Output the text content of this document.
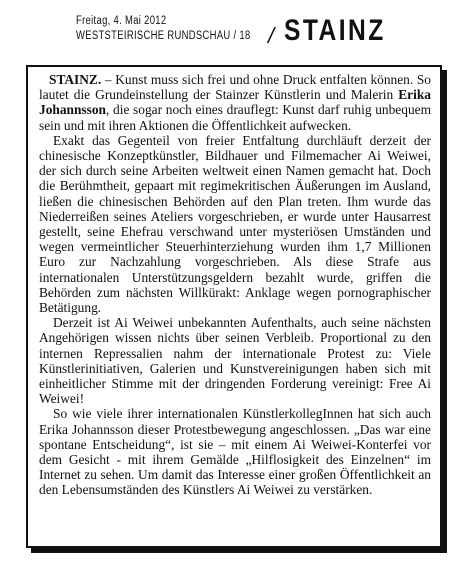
Freitag, 4. Mai 2012
WESTSTEIRISCHE RUNDSCHAU / 18 / STAINZ

STAINZ. – Kunst muss sich frei und ohne Druck entfalten können. So lautet die Grundeinstellung der Stainzer Künstlerin und Malerin Erika Johannsson, die sogar noch eines drauflegt: Kunst darf ruhig unbequem sein und mit ihren Aktionen die Öffentlichkeit aufwecken.

Exakt das Gegenteil von freier Entfaltung durchläuft derzeit der chinesische Konzeptkünstler, Bildhauer und Filmemacher Ai Weiwei, der sich durch seine Arbeiten weltweit einen Namen gemacht hat. Doch die Berühmtheit, gepaart mit regimekritischen Äußerungen im Ausland, ließen die chinesischen Behörden auf den Plan treten. Ihm wurde das Niederreißen seines Ateliers vorgeschrieben, er wurde unter Hausarrest gestellt, seine Ehefrau verschwand unter mysteriösen Umständen und wegen vermeintlicher Steuerhinterziehung wurden ihm 1,7 Millionen Euro zur Nachzahlung vorgeschrieben. Als diese Strafe aus internationalen Unterstützungsgeldern bezahlt wurde, griffen die Behörden zum nächsten Willkürakt: Anklage wegen pornographischer Betätigung.

Derzeit ist Ai Weiwei unbekannten Aufenthalts, auch seine nächsten Angehörigen wissen nichts über seinen Verbleib. Proportional zu den internen Repressalien nahm der internationale Protest zu: Viele Künstlerinitiativen, Galerien und Kunstvereinigungen haben sich mit einheitlicher Stimme mit der dringenden Forderung vereinigt: Free Ai Weiwei!

So wie viele ihrer internationalen KünstlerkollegInnen hat sich auch Erika Johannsson dieser Protestbewegung angeschlossen. „Das war eine spontane Entscheidung“, ist sie – mit einem Ai Weiwei-Konterfei vor dem Gesicht - mit ihrem Gemälde „Hilflosigkeit des Einzelnen“ im Internet zu sehen. Um damit das Interesse einer großen Öffentlichkeit an den Lebensumständen des Künstlers Ai Weiwei zu verstärken.
